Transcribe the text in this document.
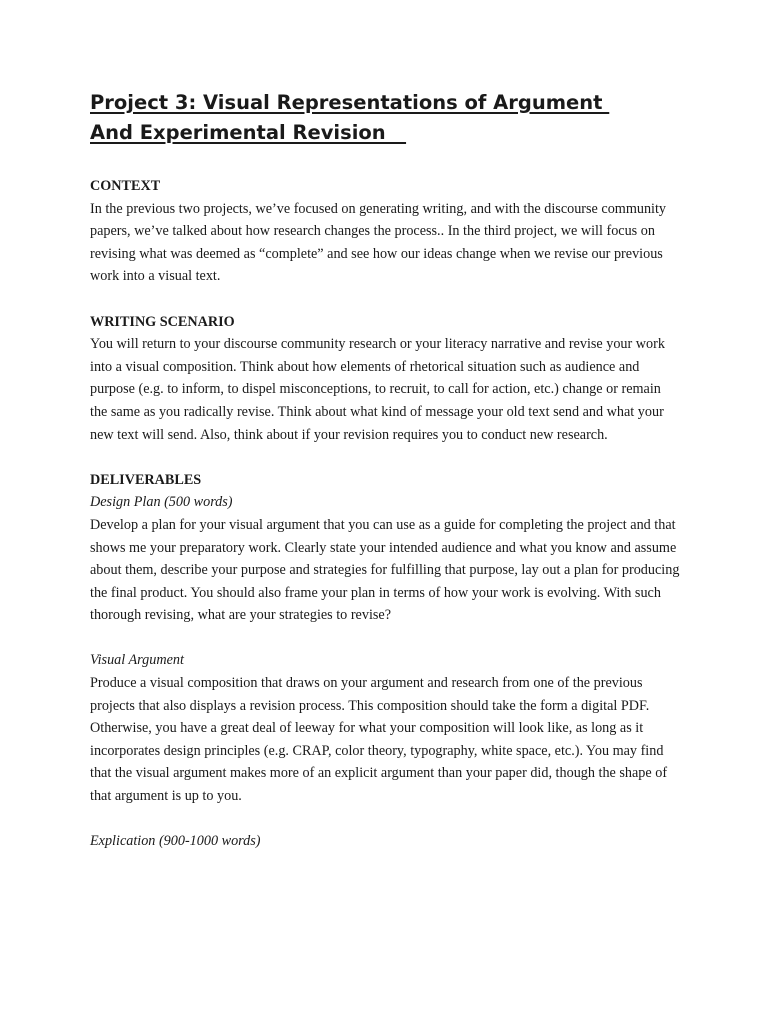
Project 3: Visual Representations of Argument
And Experimental Revision

CONTEXT

In the previous two projects, we’ve focused on generating writing, and with the discourse community papers, we’ve talked about how research changes the process.. In the third project, we will focus on revising what was deemed as “complete” and see how our ideas change when we revise our previous work into a visual text.

WRITING SCENARIO

You will return to your discourse community research or your literacy narrative and revise your work into a visual composition. Think about how elements of rhetorical situation such as audience and purpose (e.g. to inform, to dispel misconceptions, to recruit, to call for action, etc.) change or remain the same as you radically revise. Think about what kind of message your old text send and what your new text will send. Also, think about if your revision requires you to conduct new research.

DELIVERABLES

Design Plan (500 words)

Develop a plan for your visual argument that you can use as a guide for completing the project and that shows me your preparatory work. Clearly state your intended audience and what you know and assume about them, describe your purpose and strategies for fulfilling that purpose, lay out a plan for producing the final product. You should also frame your plan in terms of how your work is evolving. With such thorough revising, what are your strategies to revise?

Visual Argument

Produce a visual composition that draws on your argument and research from one of the previous projects that also displays a revision process. This composition should take the form a digital PDF. Otherwise, you have a great deal of leeway for what your composition will look like, as long as it incorporates design principles (e.g. CRAP, color theory, typography, white space, etc.). You may find that the visual argument makes more of an explicit argument than your paper did, though the shape of that argument is up to you.

Explication (900-1000 words)
